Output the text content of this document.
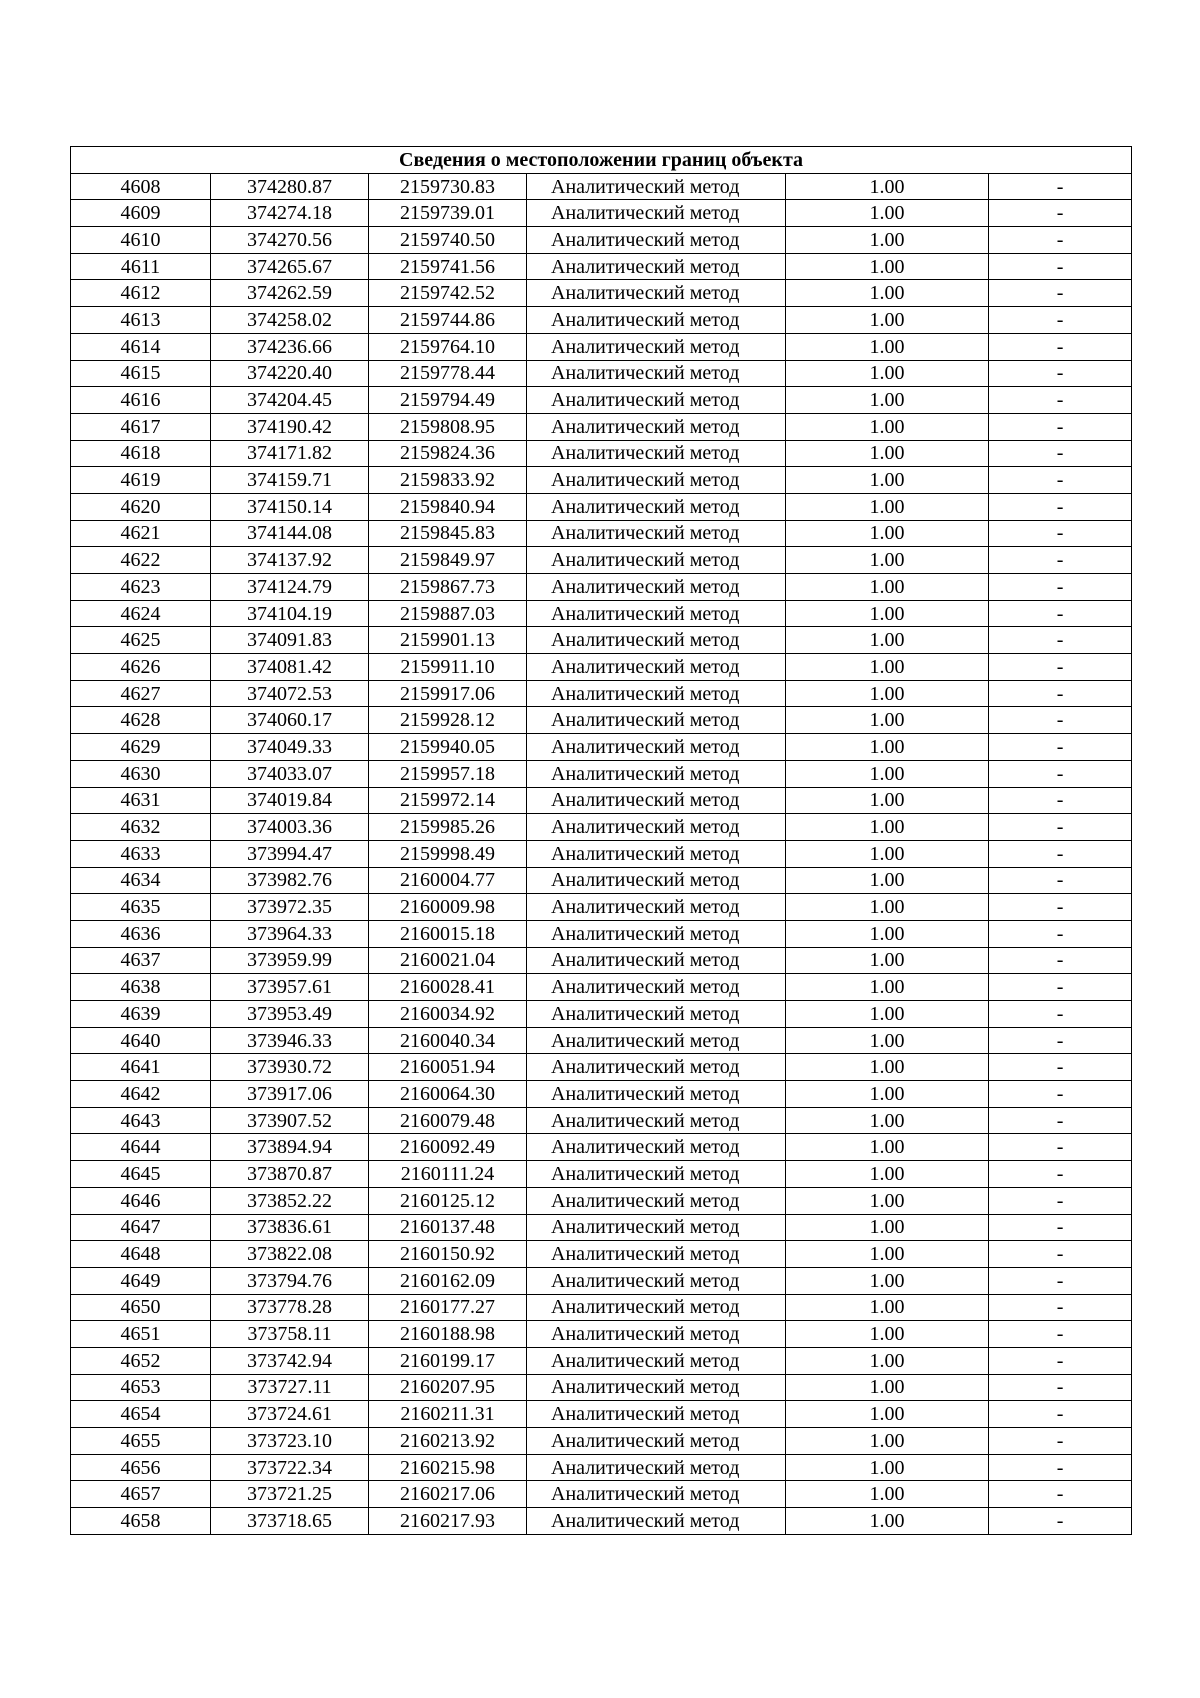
Сведения о местоположении границ объекта					
4608	374280.87	2159730.83	Аналитический метод	1.00	-
4609	374274.18	2159739.01	Аналитический метод	1.00	-
4610	374270.56	2159740.50	Аналитический метод	1.00	-
4611	374265.67	2159741.56	Аналитический метод	1.00	-
4612	374262.59	2159742.52	Аналитический метод	1.00	-
4613	374258.02	2159744.86	Аналитический метод	1.00	-
4614	374236.66	2159764.10	Аналитический метод	1.00	-
4615	374220.40	2159778.44	Аналитический метод	1.00	-
4616	374204.45	2159794.49	Аналитический метод	1.00	-
4617	374190.42	2159808.95	Аналитический метод	1.00	-
4618	374171.82	2159824.36	Аналитический метод	1.00	-
4619	374159.71	2159833.92	Аналитический метод	1.00	-
4620	374150.14	2159840.94	Аналитический метод	1.00	-
4621	374144.08	2159845.83	Аналитический метод	1.00	-
4622	374137.92	2159849.97	Аналитический метод	1.00	-
4623	374124.79	2159867.73	Аналитический метод	1.00	-
4624	374104.19	2159887.03	Аналитический метод	1.00	-
4625	374091.83	2159901.13	Аналитический метод	1.00	-
4626	374081.42	2159911.10	Аналитический метод	1.00	-
4627	374072.53	2159917.06	Аналитический метод	1.00	-
4628	374060.17	2159928.12	Аналитический метод	1.00	-
4629	374049.33	2159940.05	Аналитический метод	1.00	-
4630	374033.07	2159957.18	Аналитический метод	1.00	-
4631	374019.84	2159972.14	Аналитический метод	1.00	-
4632	374003.36	2159985.26	Аналитический метод	1.00	-
4633	373994.47	2159998.49	Аналитический метод	1.00	-
4634	373982.76	2160004.77	Аналитический метод	1.00	-
4635	373972.35	2160009.98	Аналитический метод	1.00	-
4636	373964.33	2160015.18	Аналитический метод	1.00	-
4637	373959.99	2160021.04	Аналитический метод	1.00	-
4638	373957.61	2160028.41	Аналитический метод	1.00	-
4639	373953.49	2160034.92	Аналитический метод	1.00	-
4640	373946.33	2160040.34	Аналитический метод	1.00	-
4641	373930.72	2160051.94	Аналитический метод	1.00	-
4642	373917.06	2160064.30	Аналитический метод	1.00	-
4643	373907.52	2160079.48	Аналитический метод	1.00	-
4644	373894.94	2160092.49	Аналитический метод	1.00	-
4645	373870.87	2160111.24	Аналитический метод	1.00	-
4646	373852.22	2160125.12	Аналитический метод	1.00	-
4647	373836.61	2160137.48	Аналитический метод	1.00	-
4648	373822.08	2160150.92	Аналитический метод	1.00	-
4649	373794.76	2160162.09	Аналитический метод	1.00	-
4650	373778.28	2160177.27	Аналитический метод	1.00	-
4651	373758.11	2160188.98	Аналитический метод	1.00	-
4652	373742.94	2160199.17	Аналитический метод	1.00	-
4653	373727.11	2160207.95	Аналитический метод	1.00	-
4654	373724.61	2160211.31	Аналитический метод	1.00	-
4655	373723.10	2160213.92	Аналитический метод	1.00	-
4656	373722.34	2160215.98	Аналитический метод	1.00	-
4657	373721.25	2160217.06	Аналитический метод	1.00	-
4658	373718.65	2160217.93	Аналитический метод	1.00	-
